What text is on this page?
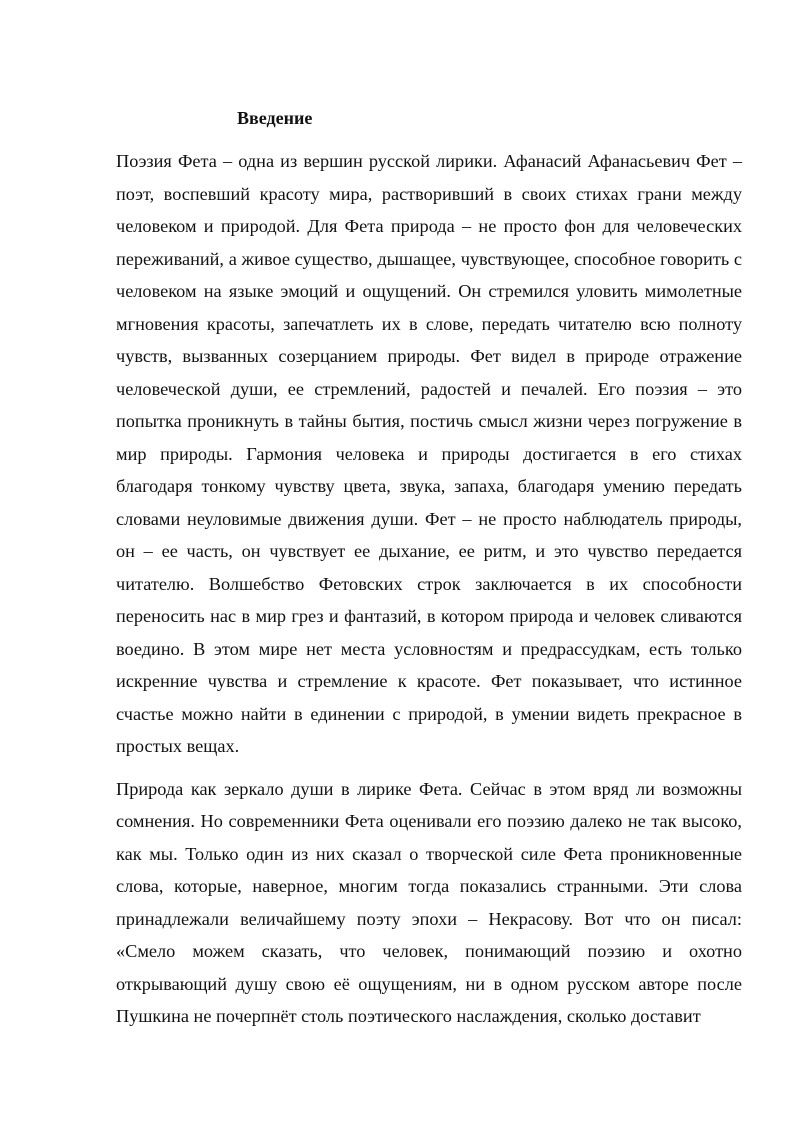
Введение

Поэзия Фета – одна из вершин русской лирики. Афанасий Афанасьевич Фет – поэт, воспевший красоту мира, растворивший в своих стихах грани между человеком и природой. Для Фета природа – не просто фон для человеческих переживаний, а живое существо, дышащее, чувствующее, способное говорить с человеком на языке эмоций и ощущений. Он стремился уловить мимолетные мгновения красоты, запечатлеть их в слове, передать читателю всю полноту чувств, вызванных созерцанием природы. Фет видел в природе отражение человеческой души, ее стремлений, радостей и печалей. Его поэзия – это попытка проникнуть в тайны бытия, постичь смысл жизни через погружение в мир природы. Гармония человека и природы достигается в его стихах благодаря тонкому чувству цвета, звука, запаха, благодаря умению передать словами неуловимые движения души. Фет – не просто наблюдатель природы, он – ее часть, он чувствует ее дыхание, ее ритм, и это чувство передается читателю. Волшебство Фетовских строк заключается в их способности переносить нас в мир грез и фантазий, в котором природа и человек сливаются воедино. В этом мире нет места условностям и предрассудкам, есть только искренние чувства и стремление к красоте. Фет показывает, что истинное счастье можно найти в единении с природой, в умении видеть прекрасное в простых вещах.

Природа как зеркало души в лирике Фета. Сейчас в этом вряд ли возможны сомнения. Но современники Фета оценивали его поэзию далеко не так высоко, как мы. Только один из них сказал о творческой силе Фета проникновенные слова, которые, наверное, многим тогда показались странными. Эти слова принадлежали величайшему поэту эпохи – Некрасову. Вот что он писал: «Смело можем сказать, что человек, понимающий поэзию и охотно открывающий душу свою её ощущениям, ни в одном русском авторе после Пушкина не почерпнёт столь поэтического наслаждения, сколько доставит
